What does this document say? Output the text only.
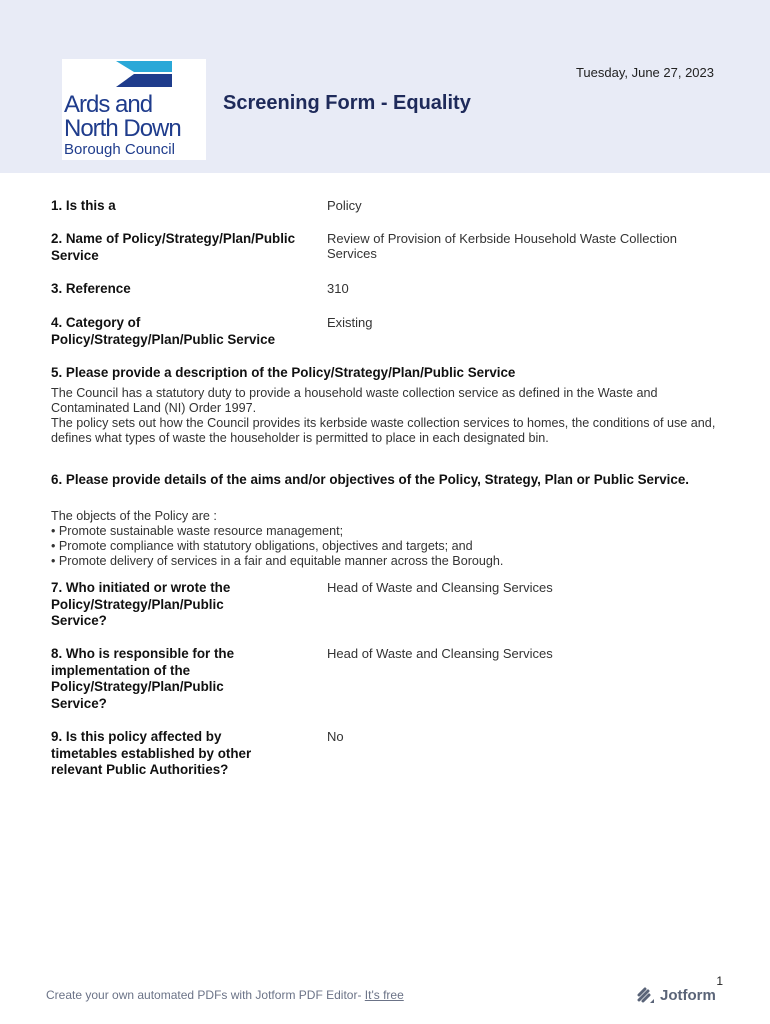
Ards and
North Down
Borough Council
Screening Form - Equality
Tuesday, June 27, 2023
1. Is this a	Policy
2. Name of Policy/Strategy/Plan/Public Service
Review of Provision of Kerbside Household Waste Collection Services
3. Reference	310
4. Category of Policy/Strategy/Plan/Public Service
Existing
5. Please provide a description of the Policy/Strategy/Plan/Public Service

The Council has a statutory duty to provide a household waste collection service as defined in the Waste and Contaminated Land (NI) Order 1997.

The policy sets out how the Council provides its kerbside waste collection services to homes, the conditions of use and, defines what types of waste the householder is permitted to place in each designated bin.

6. Please provide details of the aims and/or objectives of the Policy, Strategy, Plan or Public Service.

The objects of the Policy are :

• Promote sustainable waste resource management;

• Promote compliance with statutory obligations, objectives and targets; and

• Promote delivery of services in a fair and equitable manner across the Borough.

7. Who initiated or wrote the Policy/Strategy/Plan/Public Service?
Head of Waste and Cleansing Services
8. Who is responsible for the implementation of the Policy/Strategy/Plan/Public Service?
Head of Waste and Cleansing Services
9. Is this policy affected by timetables established by other relevant Public Authorities?
No
1
Create your own automated PDFs with Jotform PDF Editor- It's free	Jotform
